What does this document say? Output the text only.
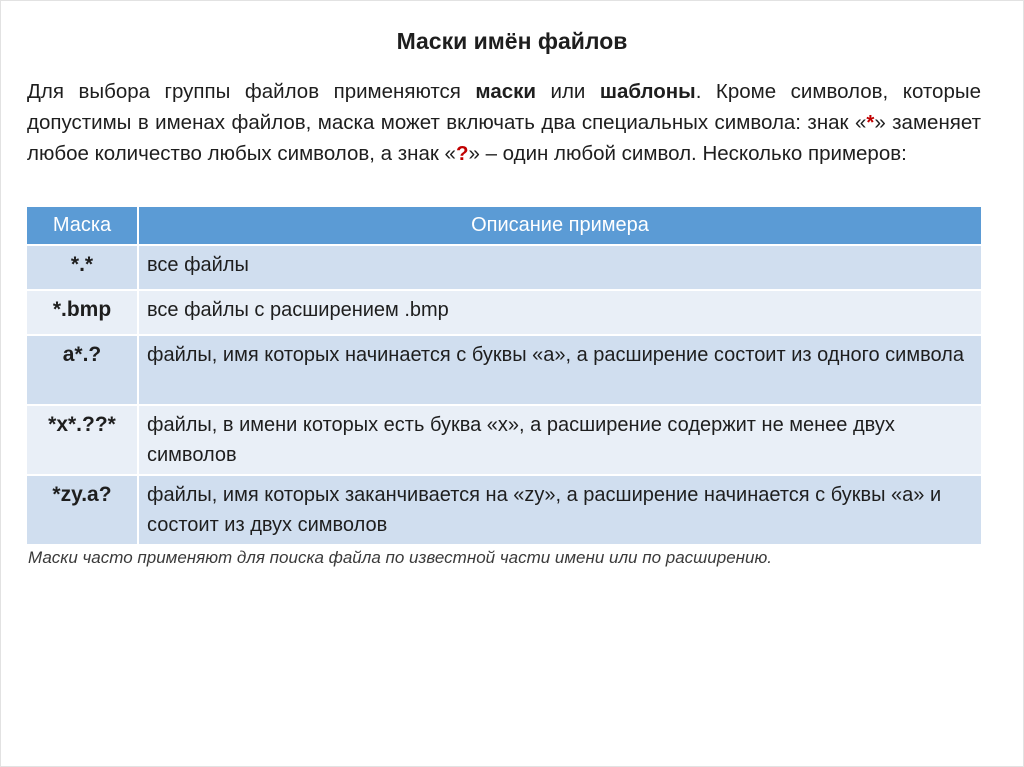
Маски имён файлов
Для выбора группы файлов применяются маски или шаблоны. Кроме символов, которые допустимы в именах файлов, маска может включать два специальных символа: знак «*» заменяет любое количество любых символов, а знак «?» – один любой символ. Несколько примеров:
Маска	Описание примера
*.*	все файлы
*.bmp	все файлы с расширением .bmp
a*.?	файлы, имя которых начинается с буквы «a», а расширение состоит из одного символа
*x*.??*	файлы, в имени которых есть буква «x», а расширение содержит не менее двух символов
*zy.a?	файлы, имя которых заканчивается на «zy», а расширение начинается с буквы «a» и состоит из двух символов
Маски часто применяют для поиска файла по известной части имени или по расширению.
